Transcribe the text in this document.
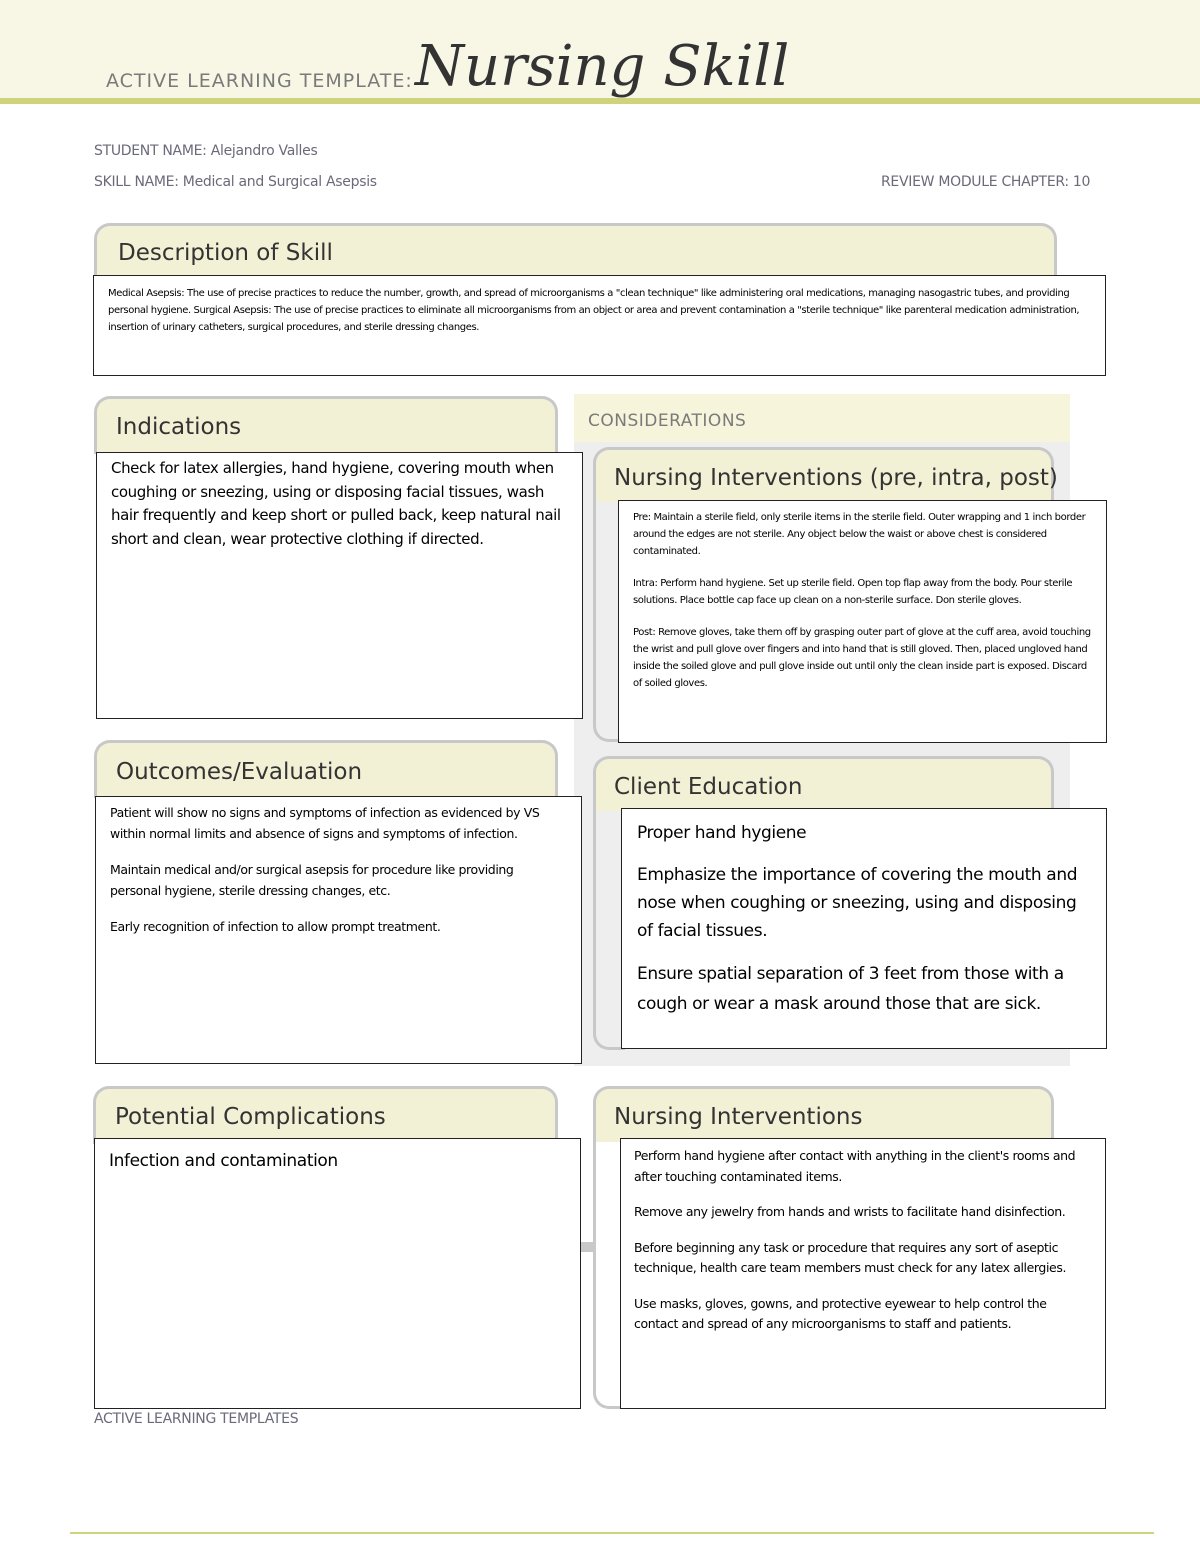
ACTIVE LEARNING TEMPLATE: Nursing Skill
STUDENT NAME: Alejandro Valles
SKILL NAME: Medical and Surgical Asepsis	REVIEW MODULE CHAPTER: 10
Description of Skill

Medical Asepsis: The use of precise practices to reduce the number, growth, and spread of microorganisms a "clean technique" like administering oral medications, managing nasogastric tubes, and providing personal hygiene. Surgical Asepsis: The use of precise practices to eliminate all microorganisms from an object or area and prevent contamination a "sterile technique" like parenteral medication administration, insertion of urinary catheters, surgical procedures, and sterile dressing changes.

CONSIDERATIONS
Indications

Check for latex allergies, hand hygiene, covering mouth when coughing or sneezing, using or disposing facial tissues, wash hair frequently and keep short or pulled back, keep natural nail short and clean, wear protective clothing if directed.

Nursing Interventions (pre, intra, post)

Pre: Maintain a sterile field, only sterile items in the sterile field. Outer wrapping and 1 inch border around the edges are not sterile. Any object below the waist or above chest is considered contaminated.

Intra: Perform hand hygiene. Set up sterile field. Open top flap away from the body. Pour sterile solutions. Place bottle cap face up clean on a non-sterile surface. Don sterile gloves.

Post: Remove gloves, take them off by grasping outer part of glove at the cuff area, avoid touching the wrist and pull glove over fingers and into hand that is still gloved. Then, placed ungloved hand inside the soiled glove and pull glove inside out until only the clean inside part is exposed. Discard of soiled gloves.

Outcomes/Evaluation

Patient will show no signs and symptoms of infection as evidenced by VS within normal limits and absence of signs and symptoms of infection.

Maintain medical and/or surgical asepsis for procedure like providing personal hygiene, sterile dressing changes, etc.

Early recognition of infection to allow prompt treatment.

Client Education

Proper hand hygiene

Emphasize the importance of covering the mouth and nose when coughing or sneezing, using and disposing of facial tissues.

Ensure spatial separation of 3 feet from those with a cough or wear a mask around those that are sick.

Potential Complications

Infection and contamination

Nursing Interventions

Perform hand hygiene after contact with anything in the client's rooms and after touching contaminated items.

Remove any jewelry from hands and wrists to facilitate hand disinfection.

Before beginning any task or procedure that requires any sort of aseptic technique, health care team members must check for any latex allergies.

Use masks, gloves, gowns, and protective eyewear to help control the contact and spread of any microorganisms to staff and patients.

ACTIVE LEARNING TEMPLATES
